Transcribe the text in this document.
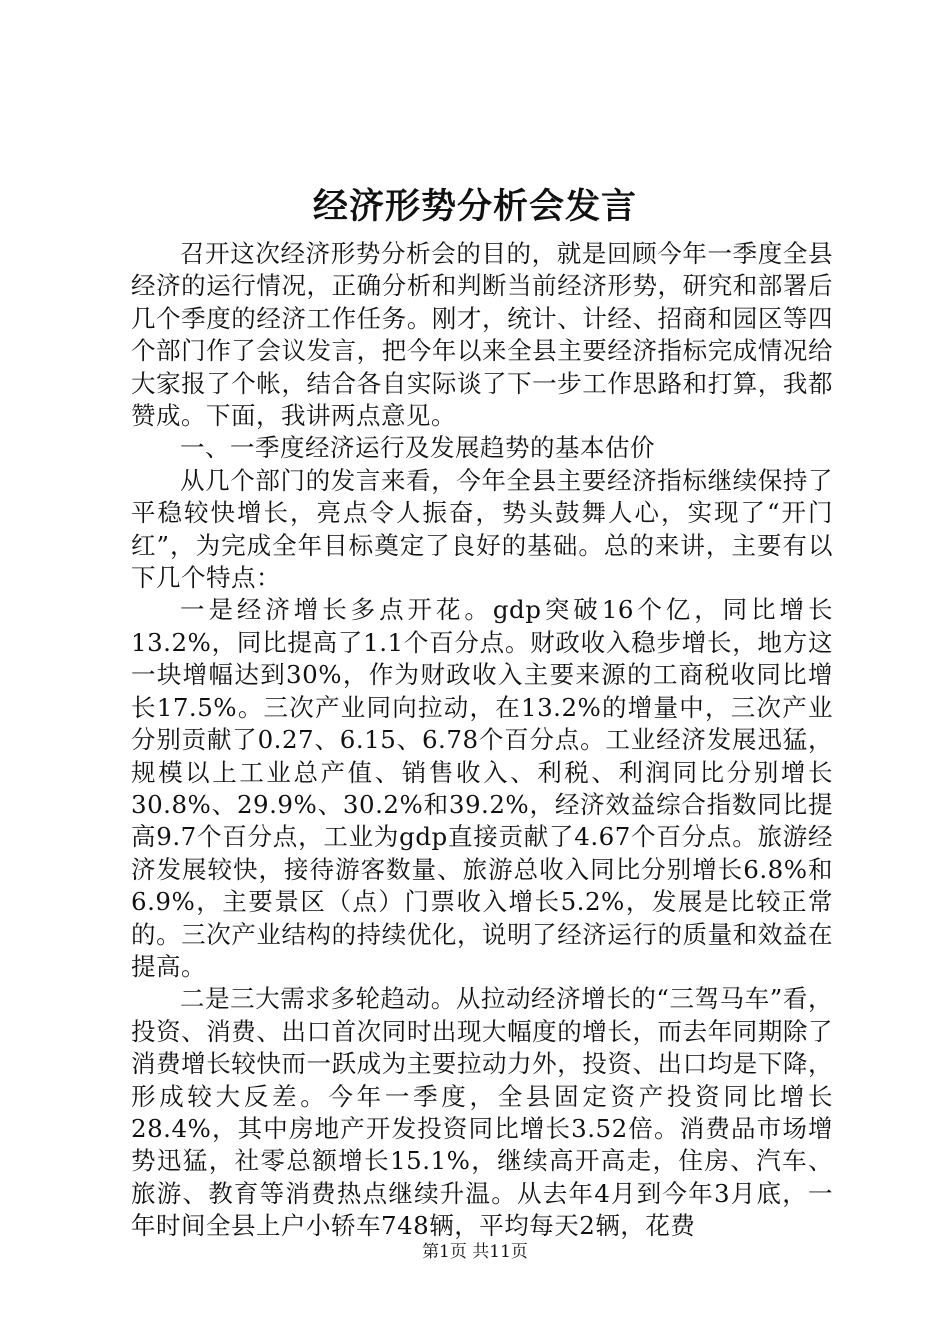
经济形势分析会发言

召开这次经济形势分析会的目的，就是回顾今年一季度全县经济的运行情况，正确分析和判断当前经济形势，研究和部署后几个季度的经济工作任务。刚才，统计、计经、招商和园区等四个部门作了会议发言，把今年以来全县主要经济指标完成情况给大家报了个帐，结合各自实际谈了下一步工作思路和打算，我都赞成。下面，我讲两点意见。

一、一季度经济运行及发展趋势的基本估价

从几个部门的发言来看，今年全县主要经济指标继续保持了平稳较快增长，亮点令人振奋，势头鼓舞人心，实现了“开门红”，为完成全年目标奠定了良好的基础。总的来讲，主要有以下几个特点：

一是经济增长多点开花。gdp突破16个亿，同比增长13.2%，同比提高了1.1个百分点。财政收入稳步增长，地方这一块增幅达到30%，作为财政收入主要来源的工商税收同比增长17.5%。三次产业同向拉动，在13.2%的增量中，三次产业分别贡献了0.27、6.15、6.78个百分点。工业经济发展迅猛，规模以上工业总产值、销售收入、利税、利润同比分别增长30.8%、29.9%、30.2%和39.2%，经济效益综合指数同比提高9.7个百分点，工业为gdp直接贡献了4.67个百分点。旅游经济发展较快，接待游客数量、旅游总收入同比分别增长6.8%和6.9%，主要景区（点）门票收入增长5.2%，发展是比较正常的。三次产业结构的持续优化，说明了经济运行的质量和效益在提高。

二是三大需求多轮趋动。从拉动经济增长的“三驾马车”看，投资、消费、出口首次同时出现大幅度的增长，而去年同期除了消费增长较快而一跃成为主要拉动力外，投资、出口均是下降，形成较大反差。今年一季度，全县固定资产投资同比增长28.4%，其中房地产开发投资同比增长3.52倍。消费品市场增势迅猛，社零总额增长15.1%，继续高开高走，住房、汽车、旅游、教育等消费热点继续升温。从去年4月到今年3月底，一年时间全县上户小轿车748辆，平均每天2辆，花费

第1页 共11页
